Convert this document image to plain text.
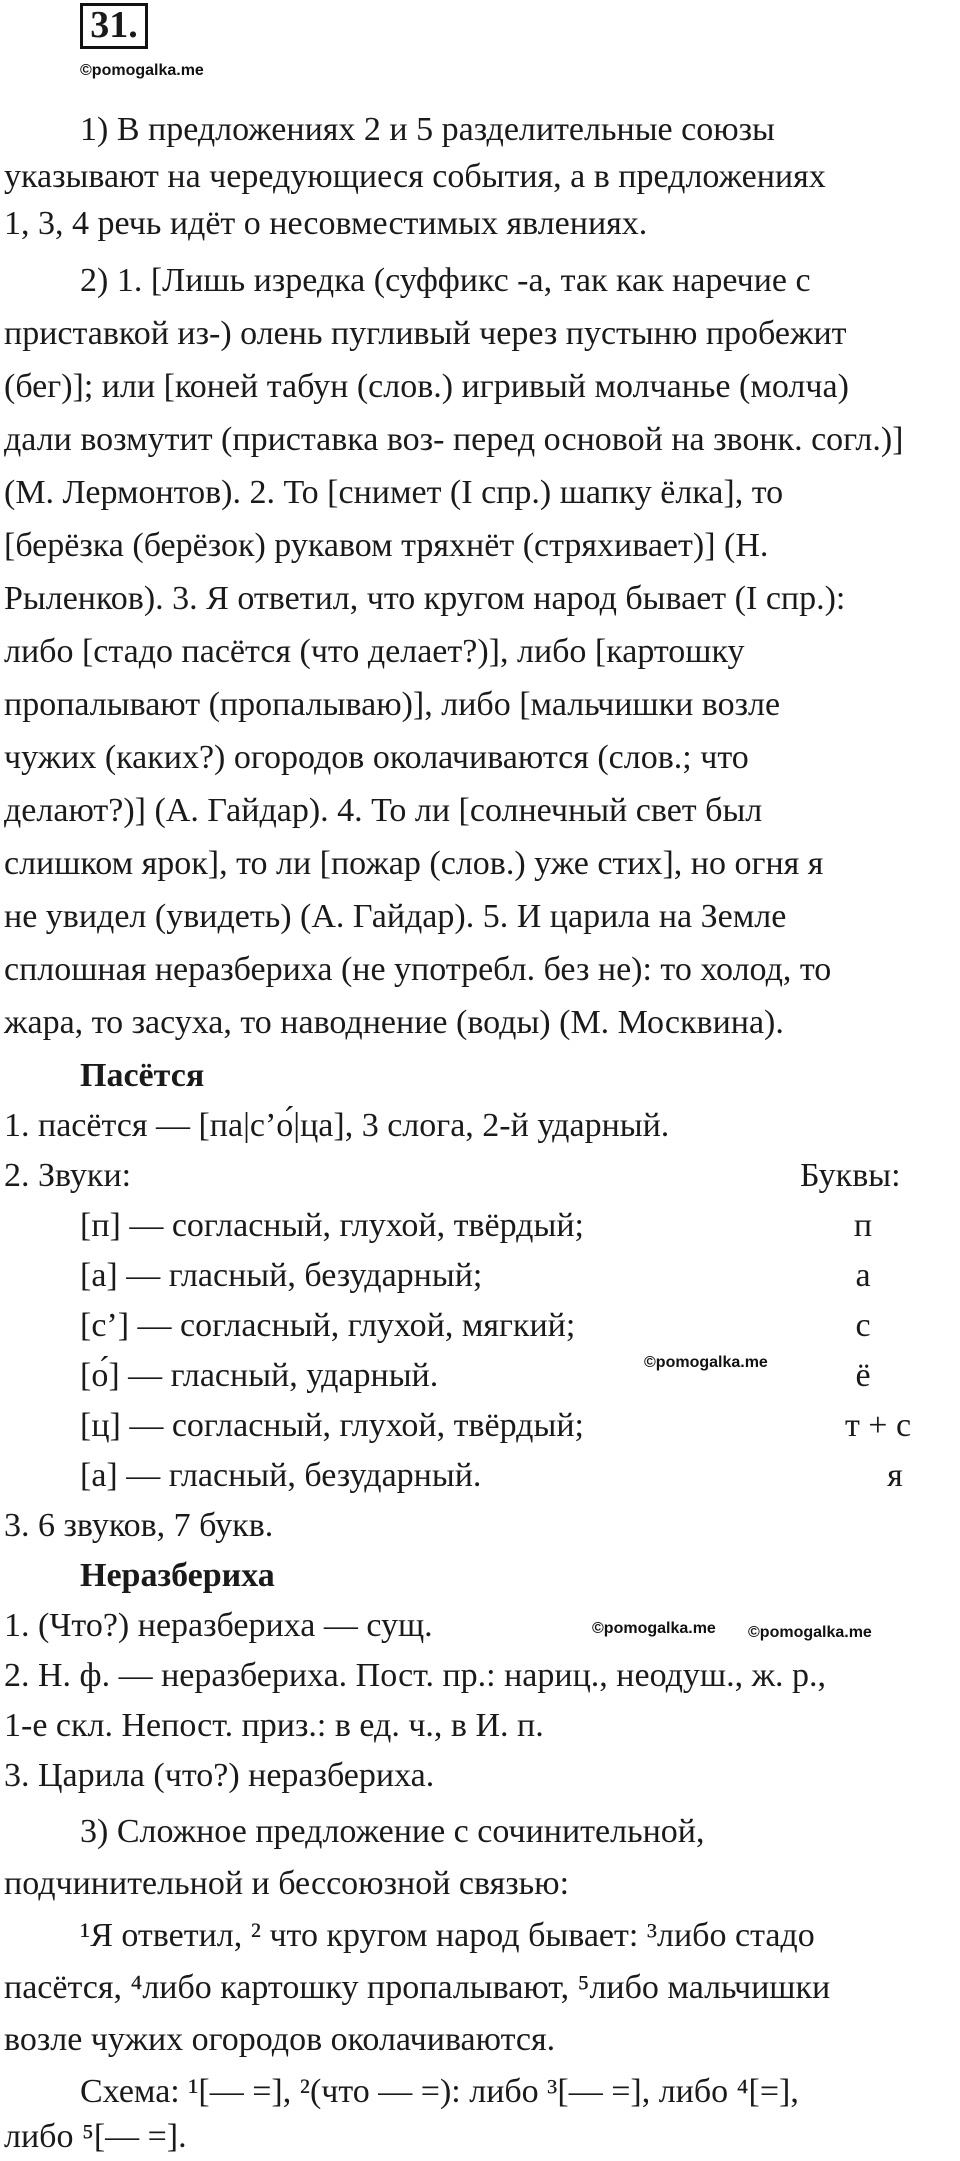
31.
©pomogalka.me
1) В предложениях 2 и 5 разделительные союзы
указывают на чередующиеся события, а в предложениях
1, 3, 4 речь идёт о несовместимых явлениях.
2) 1. [Лишь изредка (суффикс -а, так как наречие с
приставкой из-) олень пугливый через пустыню пробежит
(бег)]; или [коней табун (слов.) игривый молчанье (молча)
дали возмутит (приставка воз- перед основой на звонк. согл.)]
(М. Лермонтов). 2. То [снимет (I спр.) шапку ёлка], то
[берёзка (берёзок) рукавом тряхнёт (стряхивает)] (Н.
Рыленков). 3. Я ответил, что кругом народ бывает (I спр.):
либо [стадо пасётся (что делает?)], либо [картошку
пропалывают (пропалываю)], либо [мальчишки возле
чужих (каких?) огородов околачиваются (слов.; что
делают?)] (А. Гайдар). 4. То ли [солнечный свет был
слишком ярок], то ли [пожар (слов.) уже стих], но огня я
не увидел (увидеть) (А. Гайдар). 5. И царила на Земле
сплошная неразбериха (не употребл. без не): то холод, то
жара, то засуха, то наводнение (воды) (М. Москвина).
Пасётся
1. пасётся — [па|с’о́|ца], 3 слога, 2-й ударный.
2. Звуки:	Буквы:
[п] — согласный, глухой, твёрдый;	п
[а] — гласный, безударный;	а
[с’] — согласный, глухой, мягкий;	с
[о́] — гласный, ударный.	©pomogalka.me	ё
[ц] — согласный, глухой, твёрдый;	т + с
[а] — гласный, безударный.	я
3. 6 звуков, 7 букв.
Неразбериха
1. (Что?) неразбериха — сущ.	©pomogalka.me ©pomogalka.me
2. Н. ф. — неразбериха. Пост. пр.: нариц., неодуш., ж. р.,
1-е скл. Непост. приз.: в ед. ч., в И. п.
3. Царила (что?) неразбериха.
3) Сложное предложение с сочинительной,
подчинительной и бессоюзной связью:
¹Я ответил, ² что кругом народ бывает: ³либо стадо
пасётся, ⁴либо картошку пропалывают, ⁵либо мальчишки
возле чужих огородов околачиваются.
Схема: ¹[— =], ²(что — =): либо ³[— =], либо ⁴[=],
либо ⁵[— =].
